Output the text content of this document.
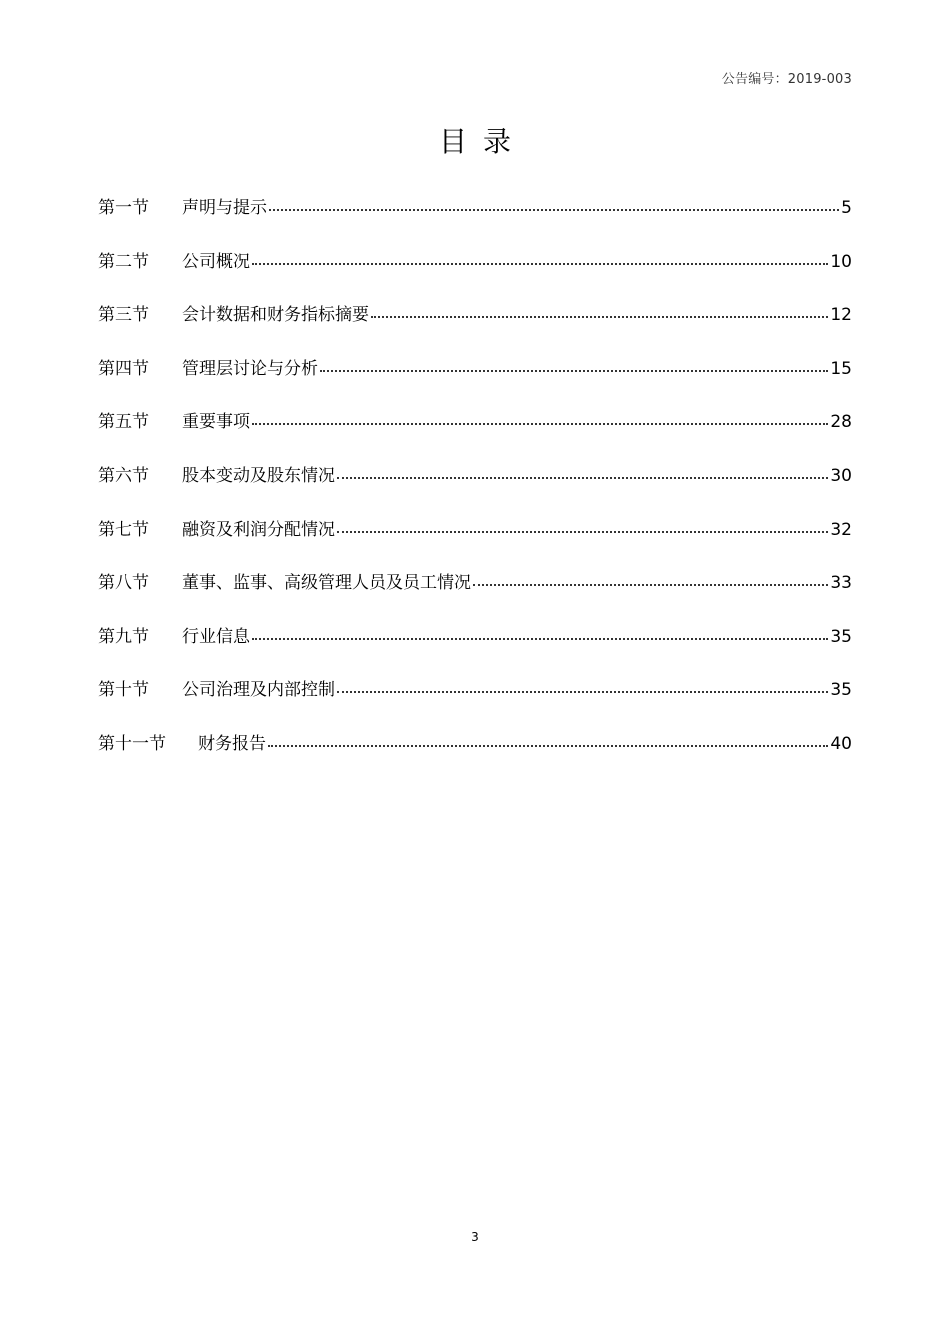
公告编号：2019-003
目录
第一节	声明与提示	5
第二节	公司概况	10
第三节	会计数据和财务指标摘要	12
第四节	管理层讨论与分析	15
第五节	重要事项	28
第六节	股本变动及股东情况	30
第七节	融资及利润分配情况	32
第八节	董事、监事、高级管理人员及员工情况	33
第九节	行业信息	35
第十节	公司治理及内部控制	35
第十一节	财务报告	40
3
